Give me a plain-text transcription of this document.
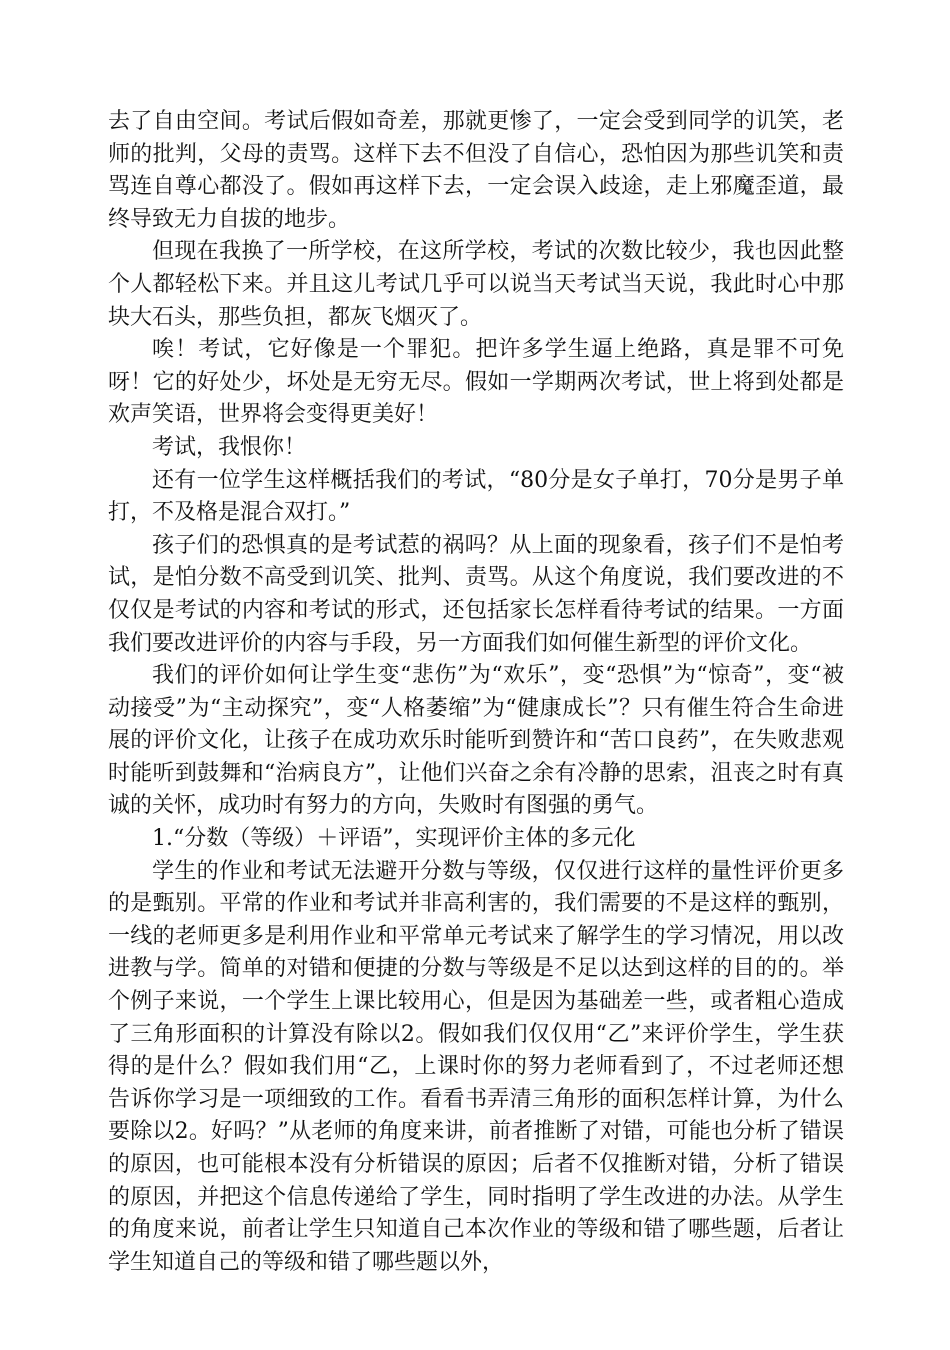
去了自由空间。考试后假如奇差，那就更惨了，一定会受到同学的讥笑，老师的批判，父母的责骂。这样下去不但没了自信心，恐怕因为那些讥笑和责骂连自尊心都没了。假如再这样下去，一定会误入歧途，走上邪魔歪道，最终导致无力自拔的地步。

但现在我换了一所学校，在这所学校，考试的次数比较少，我也因此整个人都轻松下来。并且这儿考试几乎可以说当天考试当天说，我此时心中那块大石头，那些负担，都灰飞烟灭了。

唉！考试，它好像是一个罪犯。把许多学生逼上绝路，真是罪不可免呀！它的好处少，坏处是无穷无尽。假如一学期两次考试，世上将到处都是欢声笑语，世界将会变得更美好！

考试，我恨你！

还有一位学生这样概括我们的考试，“80分是女子单打，70分是男子单打，不及格是混合双打。”

孩子们的恐惧真的是考试惹的祸吗？从上面的现象看，孩子们不是怕考试，是怕分数不高受到讥笑、批判、责骂。从这个角度说，我们要改进的不仅仅是考试的内容和考试的形式，还包括家长怎样看待考试的结果。一方面我们要改进评价的内容与手段，另一方面我们如何催生新型的评价文化。

我们的评价如何让学生变“悲伤”为“欢乐”，变“恐惧”为“惊奇”，变“被动接受”为“主动探究”，变“人格萎缩”为“健康成长”？只有催生符合生命进展的评价文化，让孩子在成功欢乐时能听到赞许和“苦口良药”，在失败悲观时能听到鼓舞和“治病良方”，让他们兴奋之余有冷静的思索，沮丧之时有真诚的关怀，成功时有努力的方向，失败时有图强的勇气。

1.“分数（等级）＋评语”，实现评价主体的多元化

学生的作业和考试无法避开分数与等级，仅仅进行这样的量性评价更多的是甄别。平常的作业和考试并非高利害的，我们需要的不是这样的甄别，一线的老师更多是利用作业和平常单元考试来了解学生的学习情况，用以改进教与学。简单的对错和便捷的分数与等级是不足以达到这样的目的的。举个例子来说，一个学生上课比较用心，但是因为基础差一些，或者粗心造成了三角形面积的计算没有除以2。假如我们仅仅用“乙”来评价学生，学生获得的是什么？假如我们用“乙，上课时你的努力老师看到了，不过老师还想告诉你学习是一项细致的工作。看看书弄清三角形的面积怎样计算，为什么要除以2。好吗？”从老师的角度来讲，前者推断了对错，可能也分析了错误的原因，也可能根本没有分析错误的原因；后者不仅推断对错，分析了错误的原因，并把这个信息传递给了学生，同时指明了学生改进的办法。从学生的角度来说，前者让学生只知道自己本次作业的等级和错了哪些题，后者让学生知道自己的等级和错了哪些题以外，
